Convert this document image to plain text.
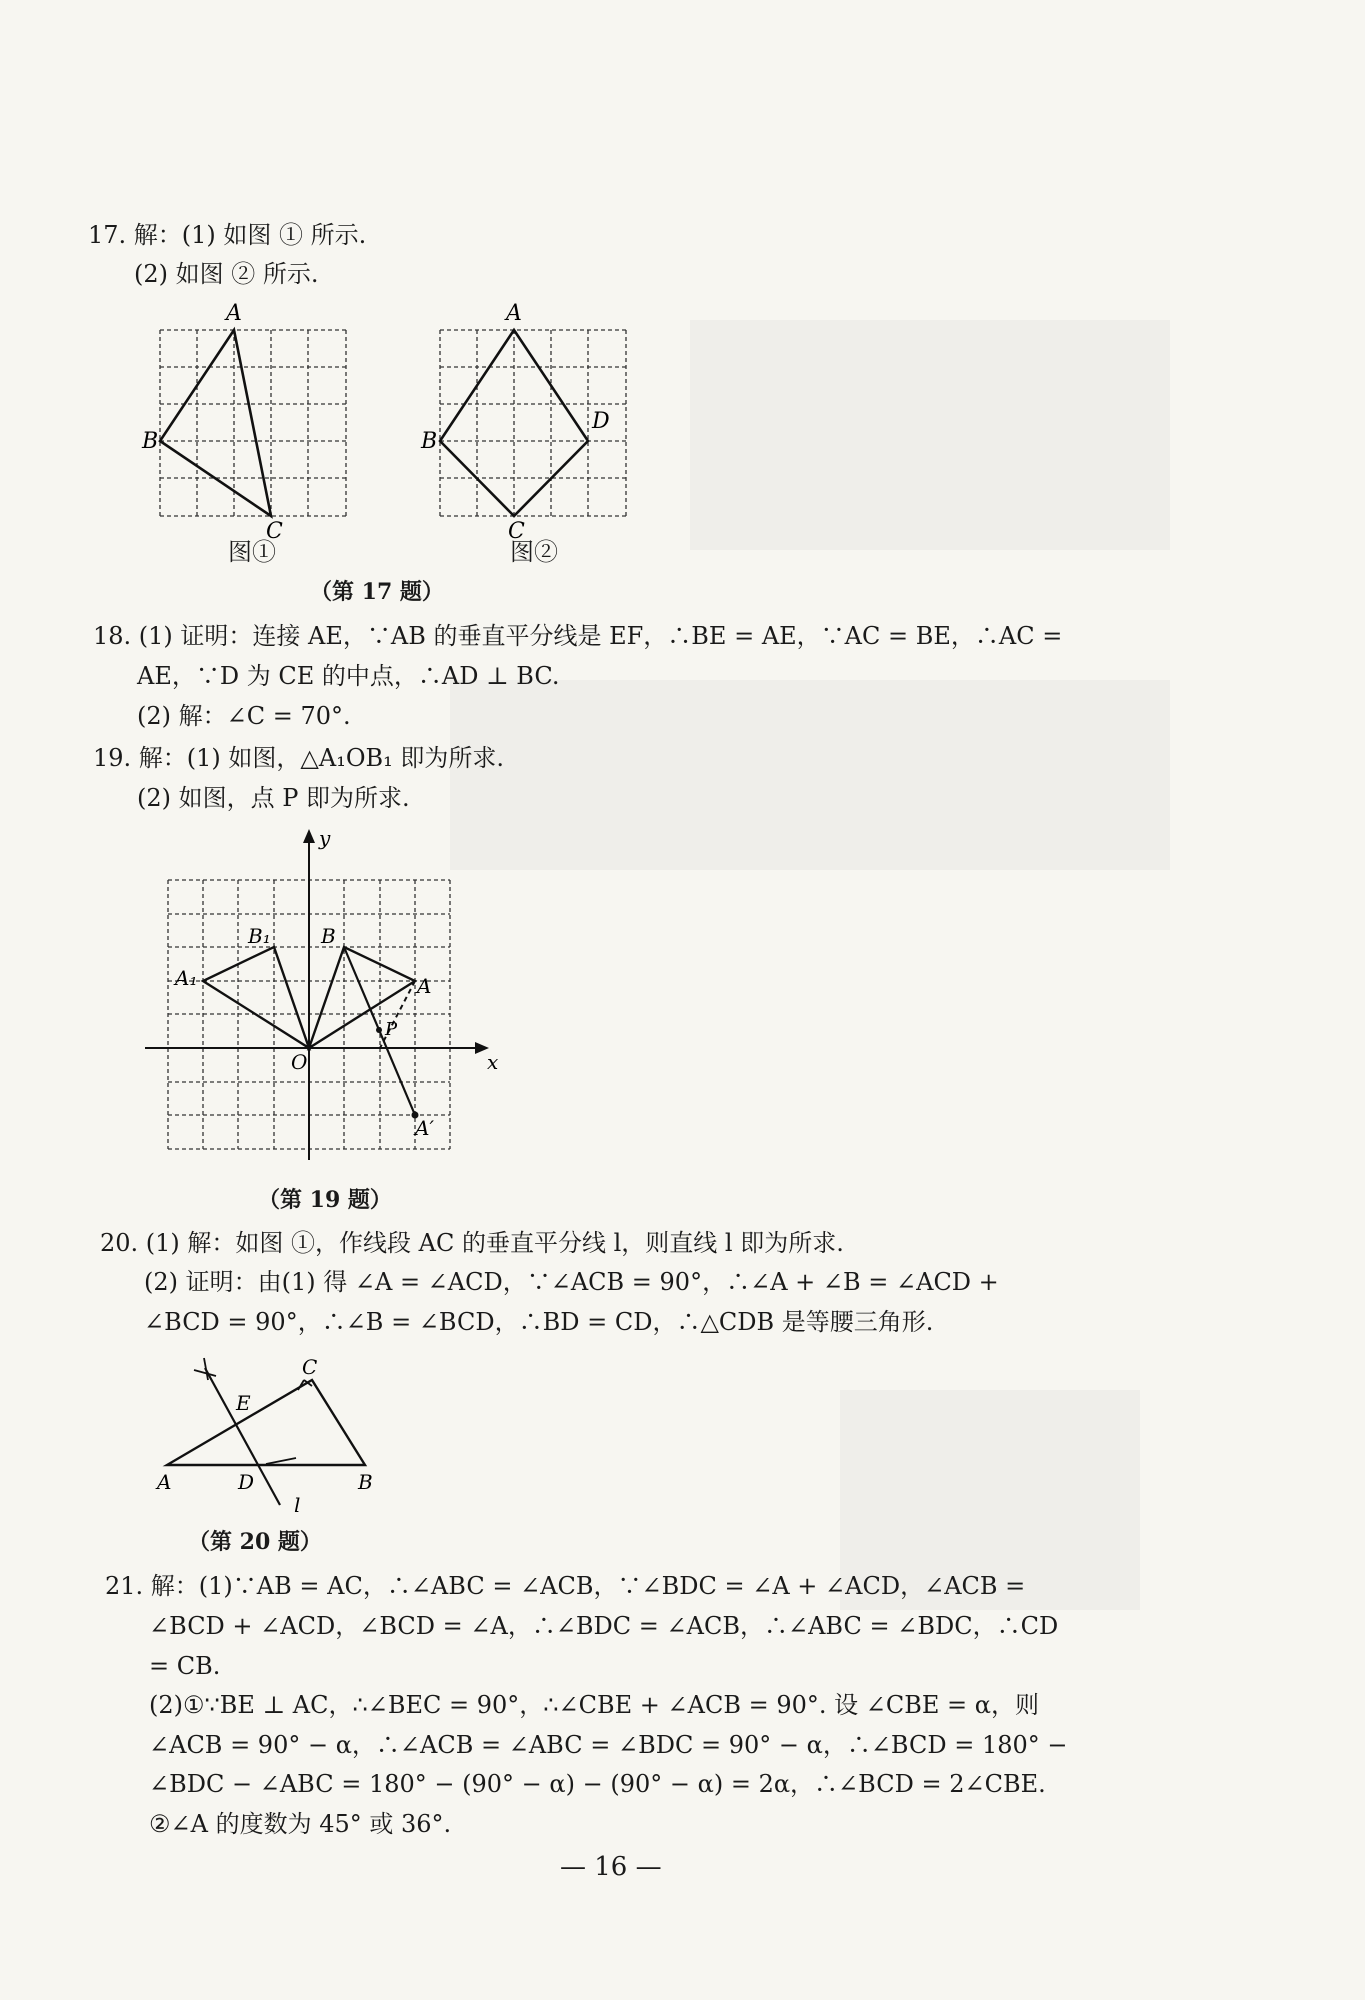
17. 解：(1) 如图 ① 所示.
(2) 如图 ② 所示.
A
B
C
图①
A
B
C
D
图②
（第 17 题）
18. (1) 证明：连接 AE，∵AB 的垂直平分线是 EF，∴BE = AE，∵AC = BE，∴AC =
AE，∵D 为 CE 的中点，∴AD ⊥ BC.
(2) 解：∠C = 70°.
19. 解：(1) 如图，△A₁OB₁ 即为所求.
(2) 如图，点 P 即为所求.
y
x
O
A
A₁
B
B₁
P
A′
（第 19 题）
20. (1) 解：如图 ①，作线段 AC 的垂直平分线 l，则直线 l 即为所求.
(2) 证明：由(1) 得 ∠A = ∠ACD，∵∠ACB = 90°，∴∠A + ∠B = ∠ACD +
∠BCD = 90°，∴∠B = ∠BCD，∴BD = CD，∴△CDB 是等腰三角形.
C
E
A	D	B
l
（第 20 题）
21. 解：(1)∵AB = AC，∴∠ABC = ∠ACB，∵∠BDC = ∠A + ∠ACD，∠ACB =
∠BCD + ∠ACD，∠BCD = ∠A，∴∠BDC = ∠ACB，∴∠ABC = ∠BDC，∴CD
= CB.
(2)①∵BE ⊥ AC，∴∠BEC = 90°，∴∠CBE + ∠ACB = 90°. 设 ∠CBE = α，则
∠ACB = 90° − α，∴∠ACB = ∠ABC = ∠BDC = 90° − α，∴∠BCD = 180° −
∠BDC − ∠ABC = 180° − (90° − α) − (90° − α) = 2α，∴∠BCD = 2∠CBE.
②∠A 的度数为 45° 或 36°.
— 16 —
